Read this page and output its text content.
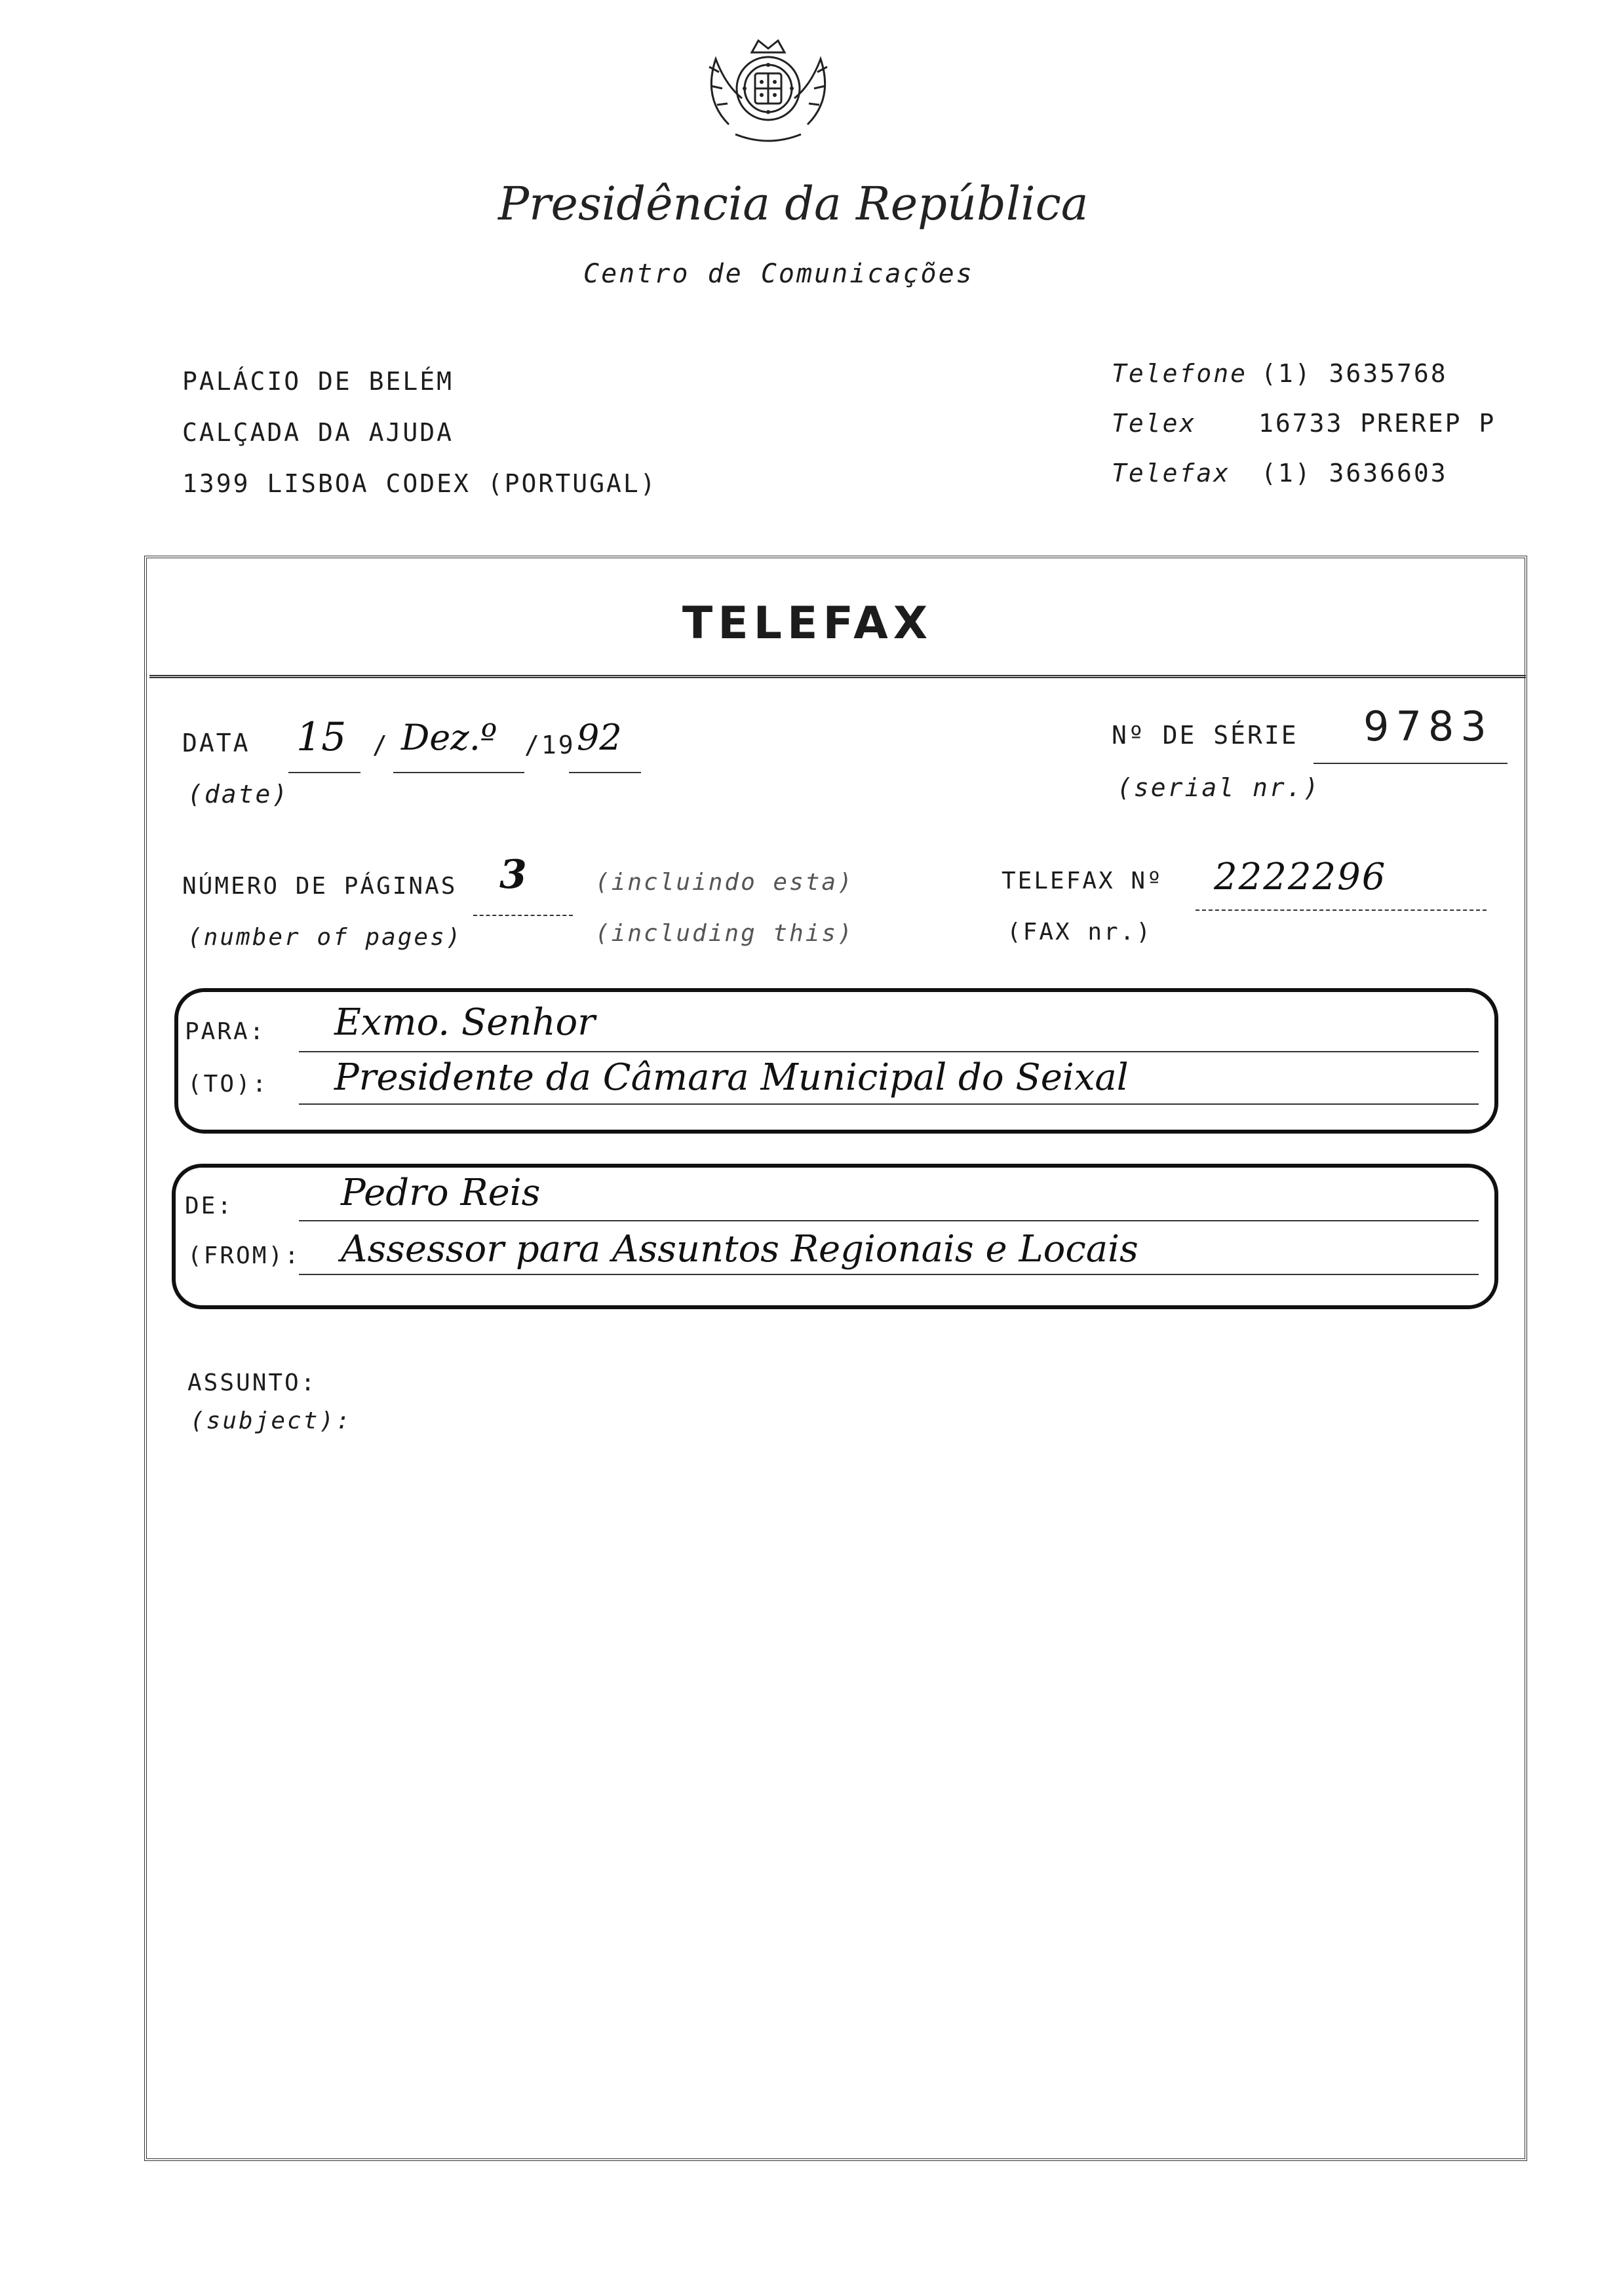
Presidência da República
Centro de Comunicações
PALÁCIO DE BELÉM
CALÇADA DA AJUDA
1399 LISBOA CODEX (PORTUGAL)
Telefone (1) 3635768
Telex 16733 PREREP P
Telefax (1) 3636603
TELEFAX
DATA
(date)
15 / Dez.º /19 92	Nº DE SÉRIE
(serial nr.)
9783
NÚMERO DE PÁGINAS
(number of pages)
3	(incluindo esta)
(including this)
TELEFAX Nº
(FAX nr.)
2222296
PARA:
(TO):
Exmo. Senhor
Presidente da Câmara Municipal do Seixal
DE:
(FROM):
Pedro Reis
Assessor para Assuntos Regionais e Locais
ASSUNTO:
(subject):
